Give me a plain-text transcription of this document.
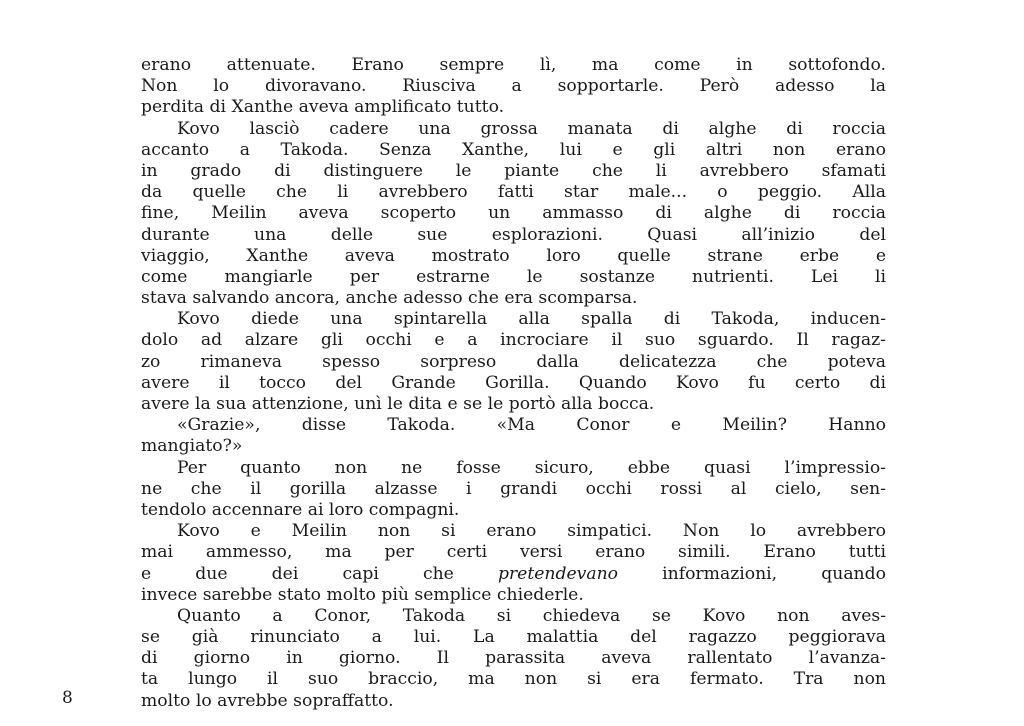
erano attenuate. Erano sempre lì, ma come in sottofondo.
Non lo divoravano. Riusciva a sopportarle. Però adesso la
perdita di Xanthe aveva amplificato tutto.
Kovo lasciò cadere una grossa manata di alghe di roccia
accanto a Takoda. Senza Xanthe, lui e gli altri non erano
in grado di distinguere le piante che li avrebbero sfamati
da quelle che li avrebbero fatti star male... o peggio. Alla
fine, Meilin aveva scoperto un ammasso di alghe di roccia
durante una delle sue esplorazioni. Quasi all’inizio del
viaggio, Xanthe aveva mostrato loro quelle strane erbe e
come mangiarle per estrarne le sostanze nutrienti. Lei li
stava salvando ancora, anche adesso che era scomparsa.
Kovo diede una spintarella alla spalla di Takoda, inducen-
dolo ad alzare gli occhi e a incrociare il suo sguardo. Il ragaz-
zo rimaneva spesso sorpreso dalla delicatezza che poteva
avere il tocco del Grande Gorilla. Quando Kovo fu certo di
avere la sua attenzione, unì le dita e se le portò alla bocca.
«Grazie», disse Takoda. «Ma Conor e Meilin? Hanno
mangiato?»
Per quanto non ne fosse sicuro, ebbe quasi l’impressio-
ne che il gorilla alzasse i grandi occhi rossi al cielo, sen-
tendolo accennare ai loro compagni.
Kovo e Meilin non si erano simpatici. Non lo avrebbero
mai ammesso, ma per certi versi erano simili. Erano tutti
e due dei capi che pretendevano informazioni, quando
invece sarebbe stato molto più semplice chiederle.
Quanto a Conor, Takoda si chiedeva se Kovo non aves-
se già rinunciato a lui. La malattia del ragazzo peggiorava
di giorno in giorno. Il parassita aveva rallentato l’avanza-
ta lungo il suo braccio, ma non si era fermato. Tra non
molto lo avrebbe sopraffatto.
8
